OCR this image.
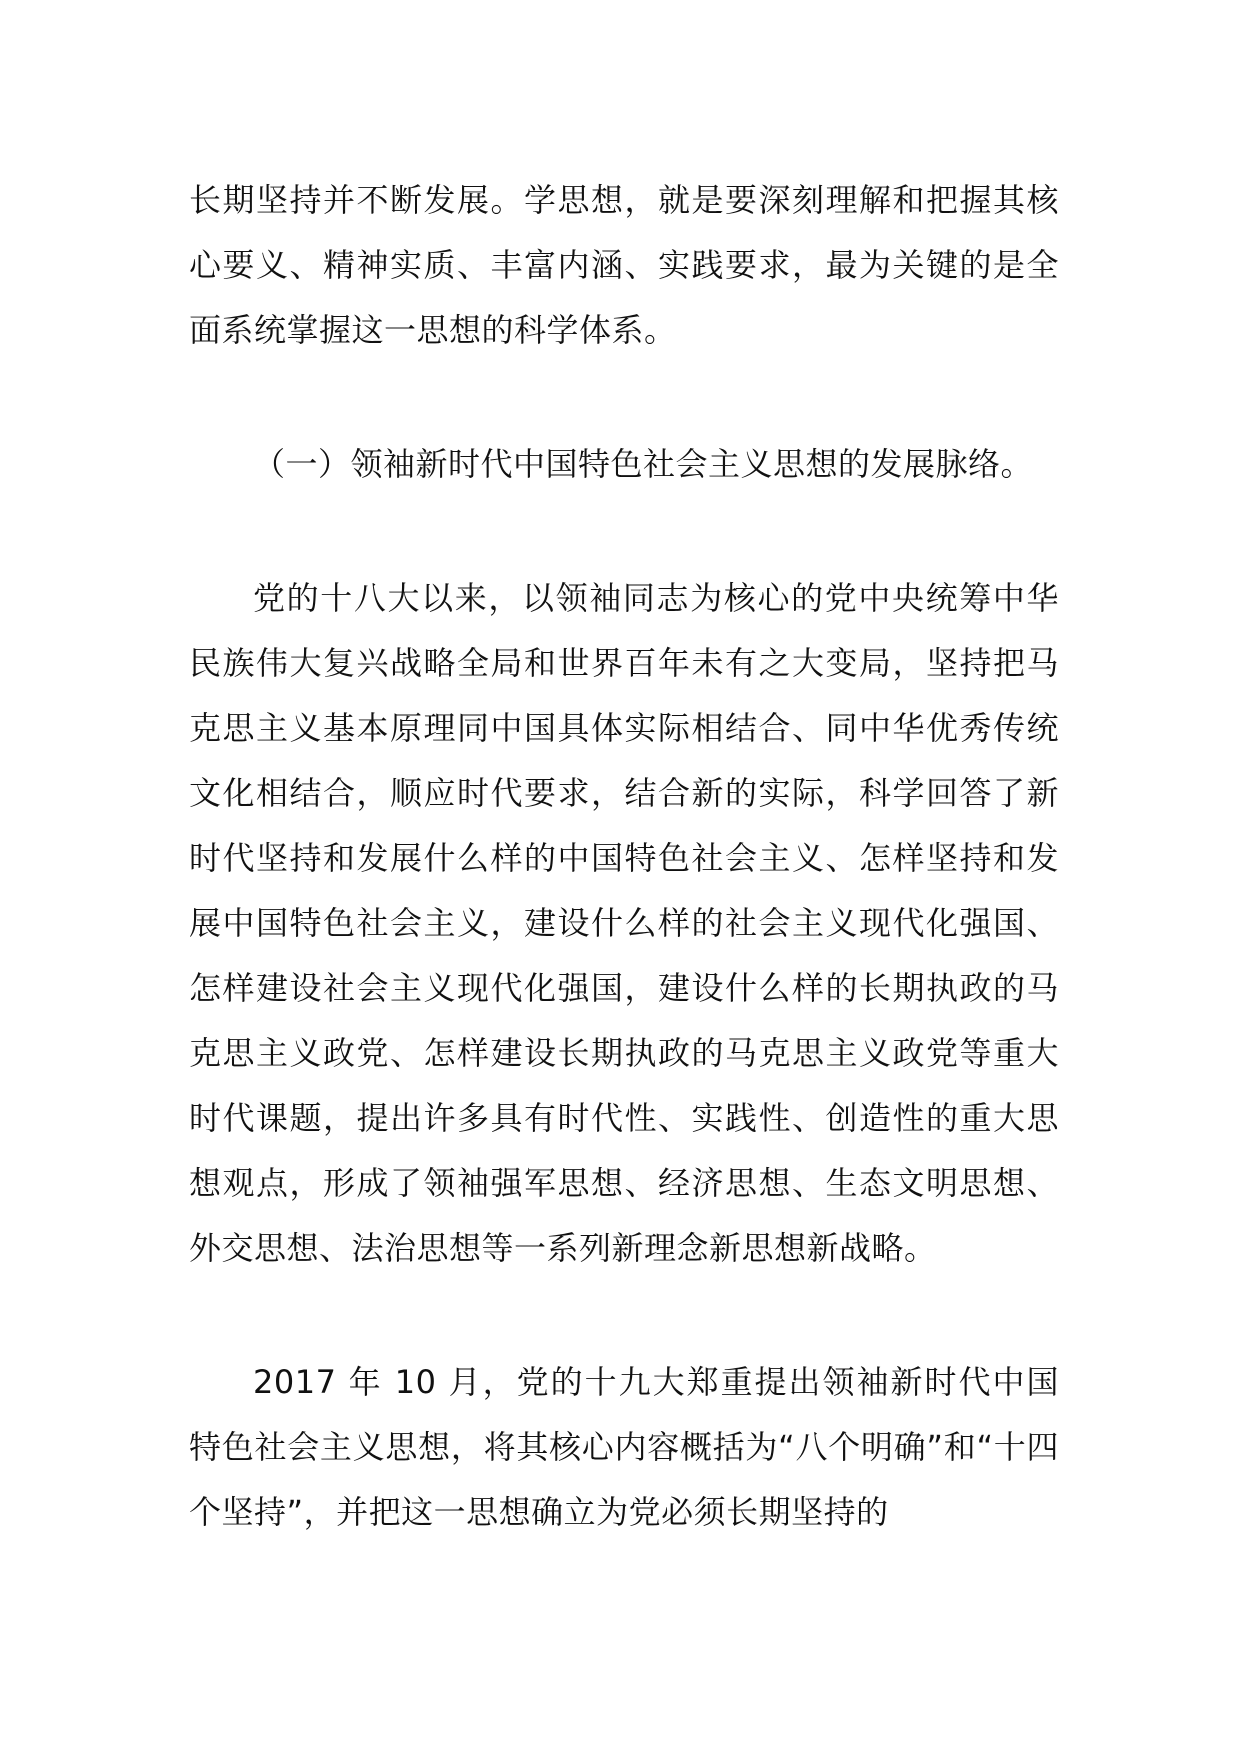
长期坚持并不断发展。学思想，就是要深刻理解和把握其核心要义、精神实质、丰富内涵、实践要求，最为关键的是全面系统掌握这一思想的科学体系。

（一）领袖新时代中国特色社会主义思想的发展脉络。

党的十八大以来，以领袖同志为核心的党中央统筹中华民族伟大复兴战略全局和世界百年未有之大变局，坚持把马克思主义基本原理同中国具体实际相结合、同中华优秀传统文化相结合，顺应时代要求，结合新的实际，科学回答了新时代坚持和发展什么样的中国特色社会主义、怎样坚持和发展中国特色社会主义，建设什么样的社会主义现代化强国、怎样建设社会主义现代化强国，建设什么样的长期执政的马克思主义政党、怎样建设长期执政的马克思主义政党等重大时代课题，提出许多具有时代性、实践性、创造性的重大思想观点，形成了领袖强军思想、经济思想、生态文明思想、外交思想、法治思想等一系列新理念新思想新战略。

2017 年 10 月，党的十九大郑重提出领袖新时代中国特色社会主义思想，将其核心内容概括为“八个明确”和“十四个坚持”，并把这一思想确立为党必须长期坚持的
